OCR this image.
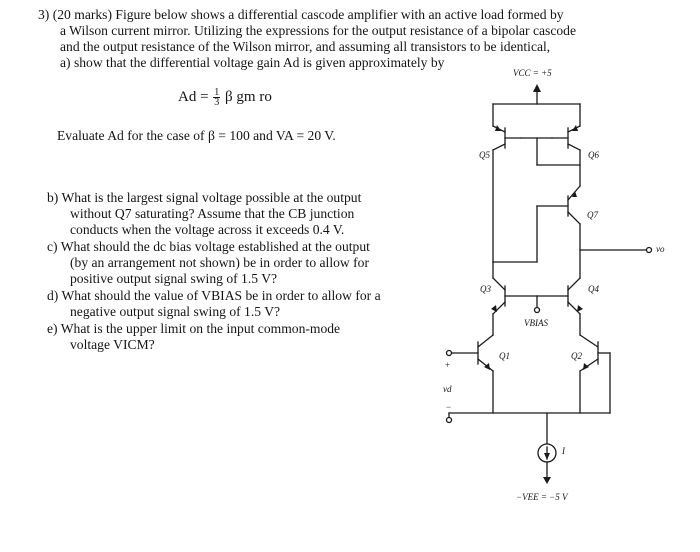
3) (20 marks) Figure below shows a differential cascode amplifier with an active load formed by
a Wilson current mirror. Utilizing the expressions for the output resistance of a bipolar cascode
and the output resistance of the Wilson mirror, and assuming all transistors to be identical,
a) show that the differential voltage gain Ad is given approximately by
$Ad = \frac{1}{3}$ β gm ro
Evaluate Ad for the case of β = 100 and VA = 20 V.
b) What is the largest signal voltage possible at the output
without Q7 saturating? Assume that the CB junction
conducts when the voltage across it exceeds 0.4 V.
c) What should the dc bias voltage established at the output
(by an arrangement not shown) be in order to allow for
positive output signal swing of 1.5 V?
d) What should the value of VBIAS be in order to allow for a
negative output signal swing of 1.5 V?
e) What is the upper limit on the input common-mode
voltage VICM?
VCC = +5
Q5	Q6
Q7
vo
Q3	Q4
VBIAS
Q1	Q2
+
vd
−
I
−VEE = −5 V
